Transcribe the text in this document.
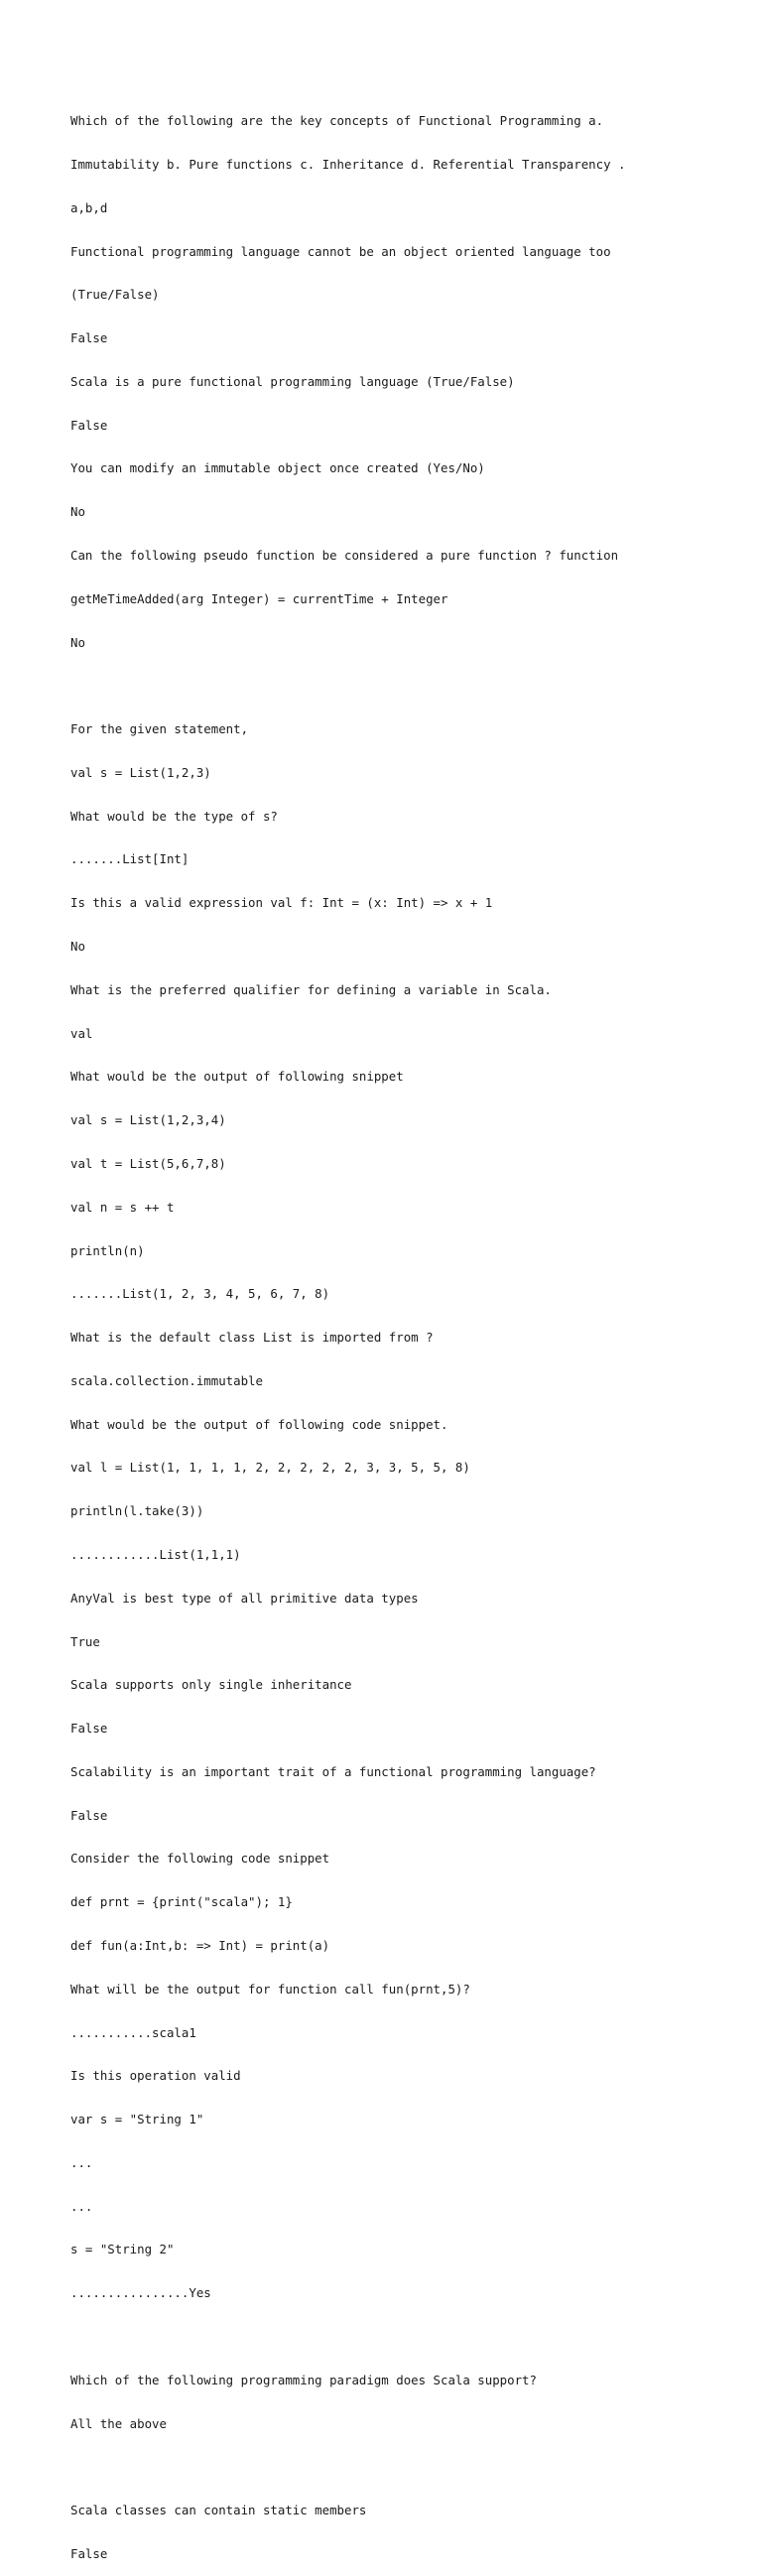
Which of the following are the key concepts of Functional Programming a.

Immutability b. Pure functions c. Inheritance d. Referential Transparency .

a,b,d

Functional programming language cannot be an object oriented language too

(True/False)

False

Scala is a pure functional programming language (True/False)

False

You can modify an immutable object once created (Yes/No)

No

Can the following pseudo function be considered a pure function ? function

getMeTimeAdded(arg Integer) = currentTime + Integer

No

For the given statement,

val s = List(1,2,3)

What would be the type of s?

.......List[Int]

Is this a valid expression val f: Int = (x: Int) => x + 1

No

What is the preferred qualifier for defining a variable in Scala.

val

What would be the output of following snippet

val s = List(1,2,3,4)

val t = List(5,6,7,8)

val n = s ++ t

println(n)

.......List(1, 2, 3, 4, 5, 6, 7, 8)

What is the default class List is imported from ?

scala.collection.immutable

What would be the output of following code snippet.

val l = List(1, 1, 1, 1, 2, 2, 2, 2, 2, 3, 3, 5, 5, 8)

println(l.take(3))

............List(1,1,1)

AnyVal is best type of all primitive data types

True

Scala supports only single inheritance

False

Scalability is an important trait of a functional programming language?

False

Consider the following code snippet

def prnt = {print("scala"); 1}

def fun(a:Int,b: => Int) = print(a)

What will be the output for function call fun(prnt,5)?

...........scala1

Is this operation valid

var s = "String 1"

...

...

s = "String 2"

................Yes

Which of the following programming paradigm does Scala support?

All the above

Scala classes can contain static members

False
